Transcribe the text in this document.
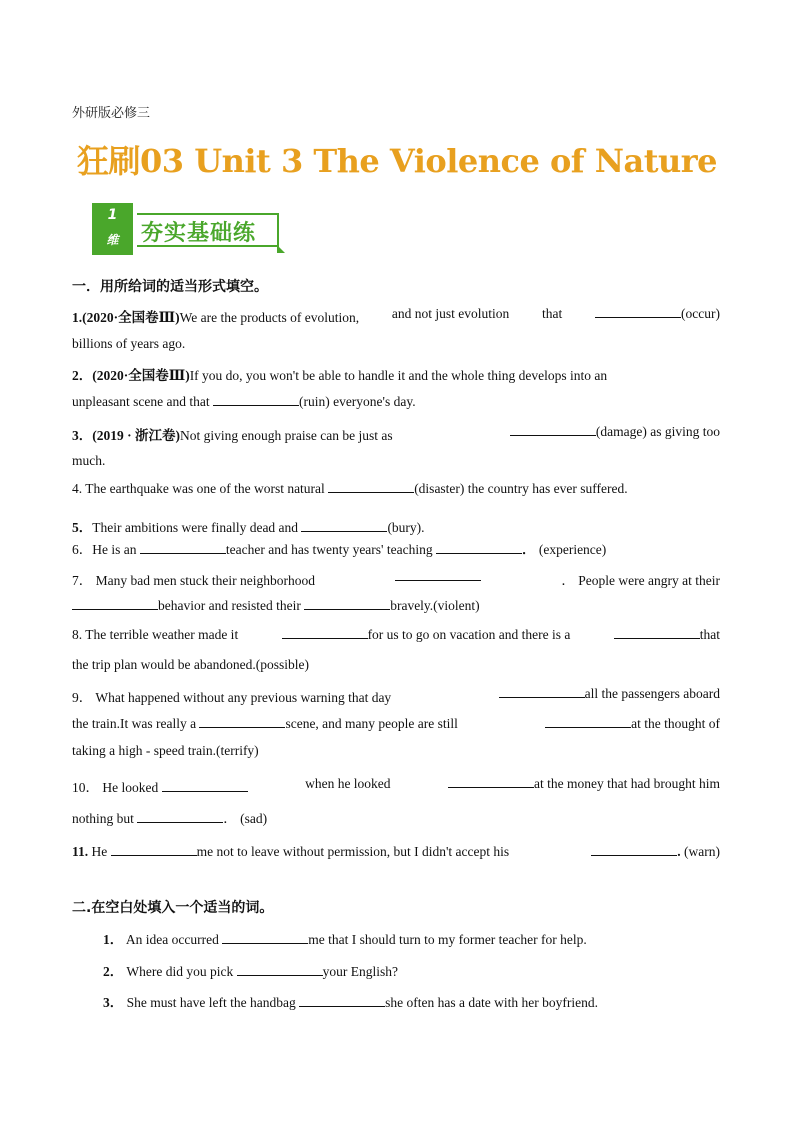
外研版必修三
狂刷03 Unit 3 The Violence of Nature
1
维	夯实基础练
一．用所给词的适当形式填空。
1.(2020·全国卷Ⅲ)We are the products of evolution, and not just evolution that	(occur)
billions of years ago.
2．(2020·全国卷Ⅲ)If you do, you won't be able to handle it and the whole thing develops into an
unpleasant scene and that	(ruin) everyone's day.
3．(2019 · 浙江卷)Not giving enough praise can be just as	(damage) as giving too
much.
4. The earthquake was one of the worst natural	(disaster) the country has ever suffered.
5．Their ambitions were finally dead and	(bury).
6．He is an	teacher and has twenty years' teaching	． (experience)
7． Many bad men stuck their neighborhood	． People were angry at their
behavior and resisted their	bravely.(violent)
8. The terrible weather made it	for us to go on vacation and there is a	that
the trip plan would be abandoned.(possible)
9． What happened without any previous warning that day	all the passengers aboard
the train.It was really a	scene, and many people are still	at the thought of
taking a high - speed train.(terrify)
10． He looked	when he looked	at the money that had brought him
nothing but	． (sad)
11. He	me not to leave without permission, but I didn't accept his	. (warn)
二.在空白处填入一个适当的词。
1． An idea occurred	me that I should turn to my former teacher for help.
2． Where did you pick	your English?
3． She must have left the handbag	she often has a date with her boyfriend.
